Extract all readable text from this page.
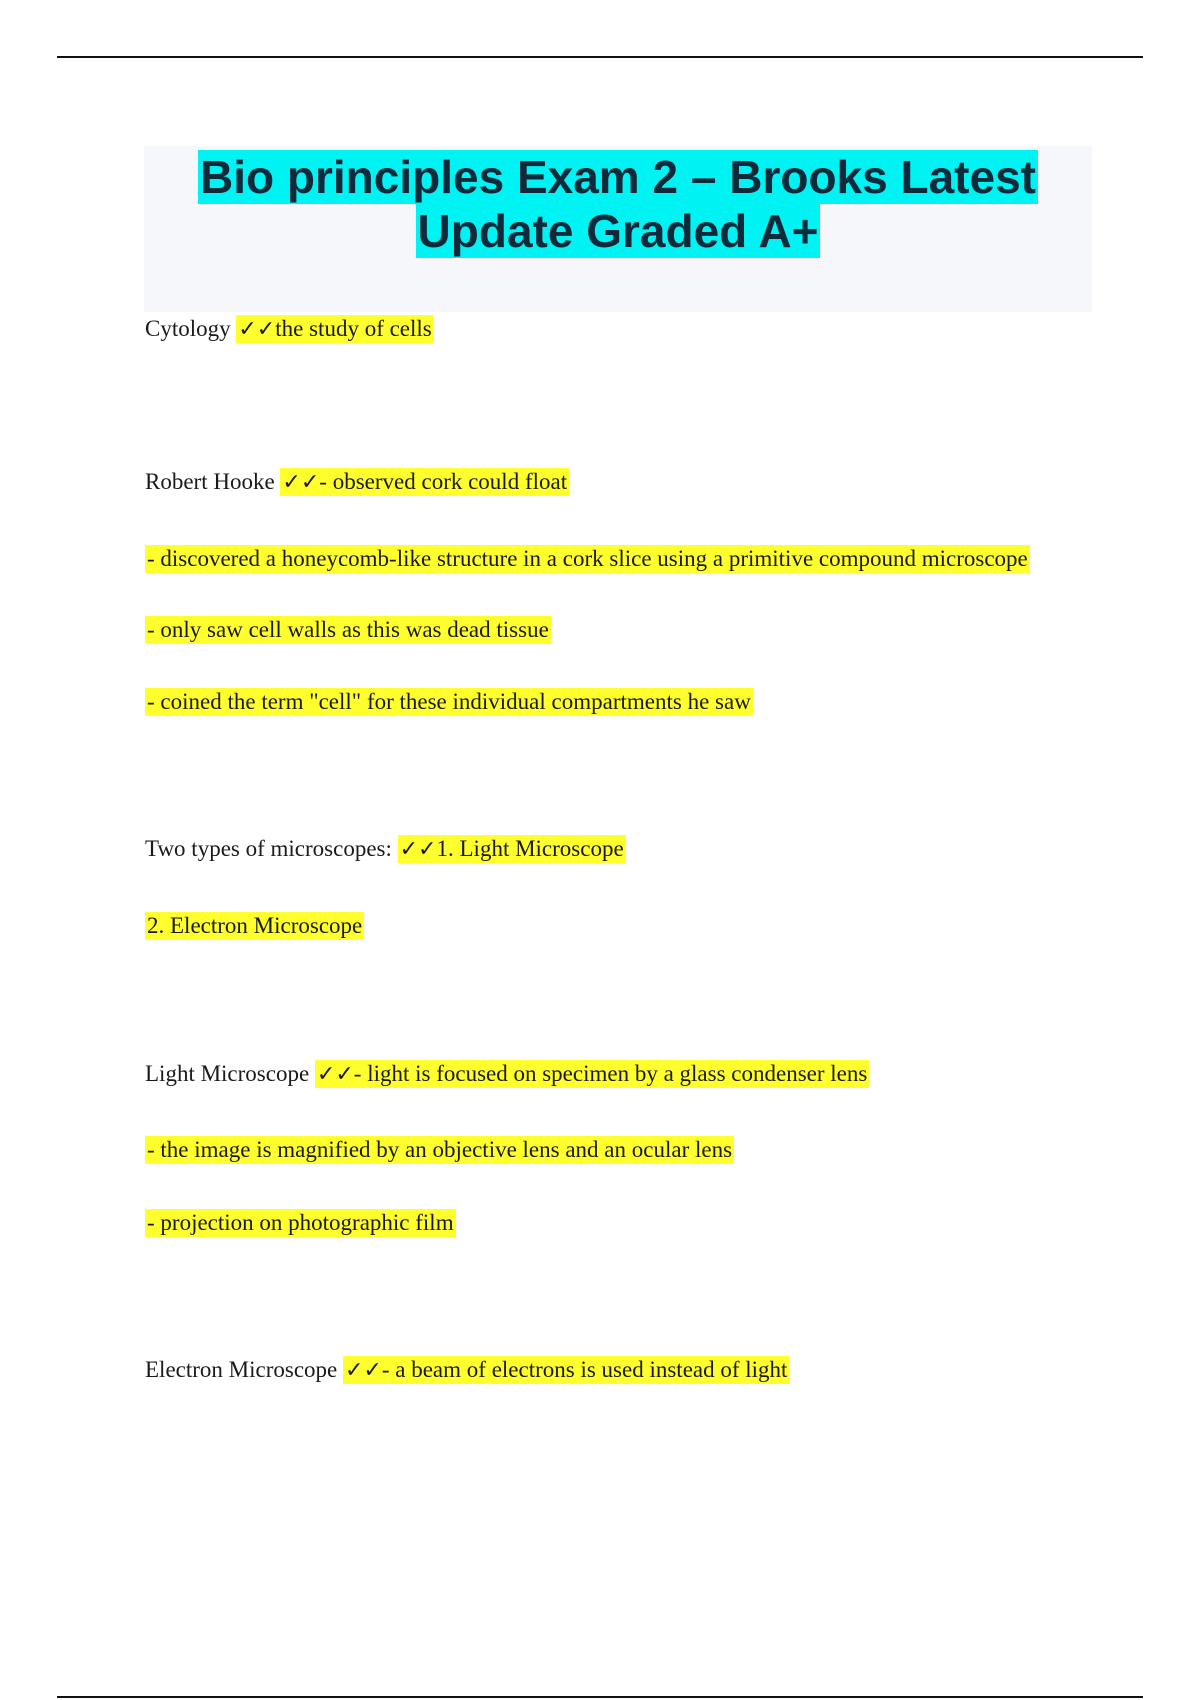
Bio principles Exam 2 – Brooks Latest
Update Graded A+
Cytology ✓✓the study of cells
Robert Hooke ✓✓- observed cork could float
- discovered a honeycomb-like structure in a cork slice using a primitive compound microscope
- only saw cell walls as this was dead tissue
- coined the term "cell" for these individual compartments he saw
Two types of microscopes: ✓✓1. Light Microscope
2. Electron Microscope
Light Microscope ✓✓- light is focused on specimen by a glass condenser lens
- the image is magnified by an objective lens and an ocular lens
- projection on photographic film
Electron Microscope ✓✓- a beam of electrons is used instead of light
